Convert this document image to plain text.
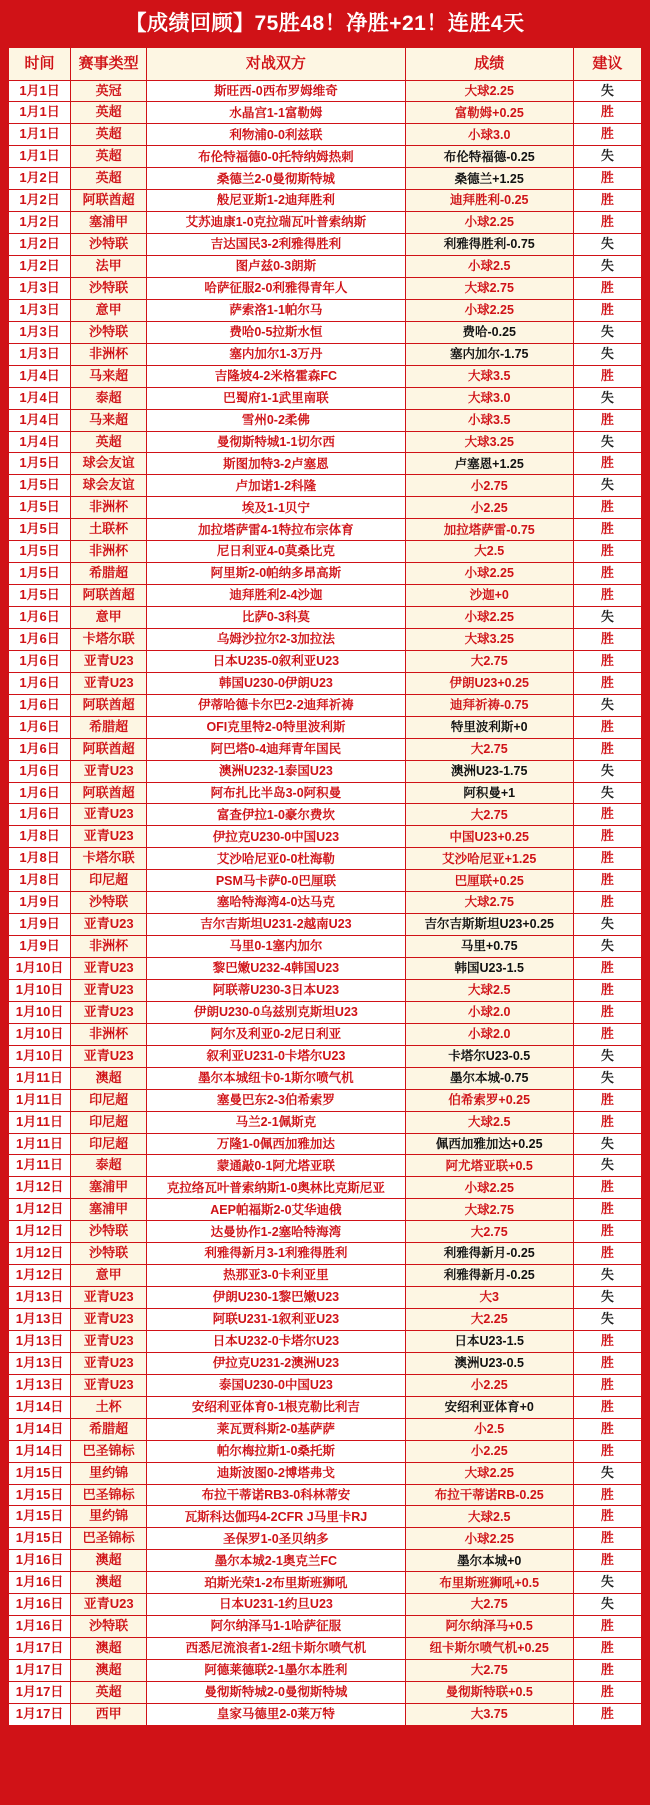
【成绩回顾】75胜48！净胜+21！连胜4天
时间	赛事类型	对战双方	成绩	建议
1月1日	英冠	斯旺西-0西布罗姆维奇	大球2.25	失
1月1日	英超	水晶宫1-1富勒姆	富勒姆+0.25	胜
1月1日	英超	利物浦0-0利兹联	小球3.0	胜
1月1日	英超	布伦特福德0-0托特纳姆热刺	布伦特福德-0.25	失
1月2日	英超	桑德兰2-0曼彻斯特城	桑德兰+1.25	胜
1月2日	阿联酋超	般尼亚斯1-2迪拜胜利	迪拜胜利-0.25	胜
1月2日	塞浦甲	艾苏迪康1-0克拉瑞瓦叶普索纳斯	小球2.25	胜
1月2日	沙特联	吉达国民3-2利雅得胜利	利雅得胜利-0.75	失
1月2日	法甲	图卢兹0-3朗斯	小球2.5	失
1月3日	沙特联	哈萨征服2-0利雅得青年人	大球2.75	胜
1月3日	意甲	萨索洛1-1帕尔马	小球2.25	胜
1月3日	沙特联	费哈0-5拉斯水恒	费哈-0.25	失
1月3日	非洲杯	塞内加尔1-3万丹	塞内加尔-1.75	失
1月4日	马来超	吉隆坡4-2米格霍森FC	大球3.5	胜
1月4日	泰超	巴蜀府1-1武里南联	大球3.0	失
1月4日	马来超	雪州0-2柔佛	小球3.5	胜
1月4日	英超	曼彻斯特城1-1切尔西	大球3.25	失
1月5日	球会友谊	斯图加特3-2卢塞恩	卢塞恩+1.25	胜
1月5日	球会友谊	卢加诺1-2科隆	小2.75	失
1月5日	非洲杯	埃及1-1贝宁	小2.25	胜
1月5日	土联杯	加拉塔萨雷4-1特拉布宗体育	加拉塔萨雷-0.75	胜
1月5日	非洲杯	尼日利亚4-0莫桑比克	大2.5	胜
1月5日	希腊超	阿里斯2-0帕纳多昂高斯	小球2.25	胜
1月5日	阿联酋超	迪拜胜利2-4沙迦	沙迦+0	胜
1月6日	意甲	比萨0-3科莫	小球2.25	失
1月6日	卡塔尔联	乌姆沙拉尔2-3加拉法	大球3.25	胜
1月6日	亚青U23	日本U235-0叙利亚U23	大2.75	胜
1月6日	亚青U23	韩国U230-0伊朗U23	伊朗U23+0.25	胜
1月6日	阿联酋超	伊蒂哈德卡尔巴2-2迪拜祈祷	迪拜祈祷-0.75	失
1月6日	希腊超	OFI克里特2-0特里波利斯	特里波利斯+0	胜
1月6日	阿联酋超	阿巴塔0-4迪拜青年国民	大2.75	胜
1月6日	亚青U23	澳洲U232-1泰国U23	澳洲U23-1.75	失
1月6日	阿联酋超	阿布扎比半岛3-0阿积曼	阿积曼+1	失
1月6日	亚青U23	富查伊拉1-0豪尔费坎	大2.75	胜
1月8日	亚青U23	伊拉克U230-0中国U23	中国U23+0.25	胜
1月8日	卡塔尔联	艾沙哈尼亚0-0杜海勒	艾沙哈尼亚+1.25	胜
1月8日	印尼超	PSM马卡萨0-0巴厘联	巴厘联+0.25	胜
1月9日	沙特联	塞哈特海湾4-0达马克	大球2.75	胜
1月9日	亚青U23	吉尔吉斯坦U231-2越南U23	吉尔吉斯斯坦U23+0.25	失
1月9日	非洲杯	马里0-1塞内加尔	马里+0.75	失
1月10日	亚青U23	黎巴嫩U232-4韩国U23	韩国U23-1.5	胜
1月10日	亚青U23	阿联蒂U230-3日本U23	大球2.5	胜
1月10日	亚青U23	伊朗U230-0乌兹别克斯坦U23	小球2.0	胜
1月10日	非洲杯	阿尔及利亚0-2尼日利亚	小球2.0	胜
1月10日	亚青U23	叙利亚U231-0卡塔尔U23	卡塔尔U23-0.5	失
1月11日	澳超	墨尔本城纽卡0-1斯尔喷气机	墨尔本城-0.75	失
1月11日	印尼超	塞曼巴东2-3伯希索罗	伯希索罗+0.25	胜
1月11日	印尼超	马兰2-1佩斯克	大球2.5	胜
1月11日	印尼超	万隆1-0佩西加雅加达	佩西加雅加达+0.25	失
1月11日	泰超	蒙通敲0-1阿尤塔亚联	阿尤塔亚联+0.5	失
1月12日	塞浦甲	克拉络瓦叶普索纳斯1-0奥林比克斯尼亚	小球2.25	胜
1月12日	塞浦甲	AEP帕福斯2-0艾华迪俄	大球2.75	胜
1月12日	沙特联	达曼协作1-2塞哈特海湾	大2.75	胜
1月12日	沙特联	利雅得新月3-1利雅得胜利	利雅得新月-0.25	胜
1月12日	意甲	热那亚3-0卡利亚里	利雅得新月-0.25	失
1月13日	亚青U23	伊朗U230-1黎巴嫩U23	大3	失
1月13日	亚青U23	阿联U231-1叙利亚U23	大2.25	失
1月13日	亚青U23	日本U232-0卡塔尔U23	日本U23-1.5	胜
1月13日	亚青U23	伊拉克U231-2澳洲U23	澳洲U23-0.5	胜
1月13日	亚青U23	泰国U230-0中国U23	小2.25	胜
1月14日	土杯	安绍利亚体育0-1根克勒比利吉	安绍利亚体育+0	胜
1月14日	希腊超	莱瓦贾科斯2-0基萨萨	小2.5	胜
1月14日	巴圣锦标	帕尔梅拉斯1-0桑托斯	小2.25	胜
1月15日	里约锦	迪斯波图0-2博塔弗戈	大球2.25	失
1月15日	巴圣锦标	布拉干蒂诺RB3-0科林蒂安	布拉干蒂诺RB-0.25	胜
1月15日	里约锦	瓦斯科达伽玛4-2CFR J马里卡RJ	大球2.5	胜
1月15日	巴圣锦标	圣保罗1-0圣贝纳多	小球2.25	胜
1月16日	澳超	墨尔本城2-1奥克兰FC	墨尔本城+0	胜
1月16日	澳超	珀斯光荣1-2布里斯班狮吼	布里斯班狮吼+0.5	失
1月16日	亚青U23	日本U231-1约旦U23	大2.75	失
1月16日	沙特联	阿尔纳泽马1-1哈萨征服	阿尔纳泽马+0.5	胜
1月17日	澳超	西悉尼流浪者1-2纽卡斯尔喷气机	纽卡斯尔喷气机+0.25	胜
1月17日	澳超	阿德莱德联2-1墨尔本胜利	大2.75	胜
1月17日	英超	曼彻斯特城2-0曼彻斯特城	曼彻斯特联+0.5	胜
1月17日	西甲	皇家马德里2-0莱万特	大3.75	胜
